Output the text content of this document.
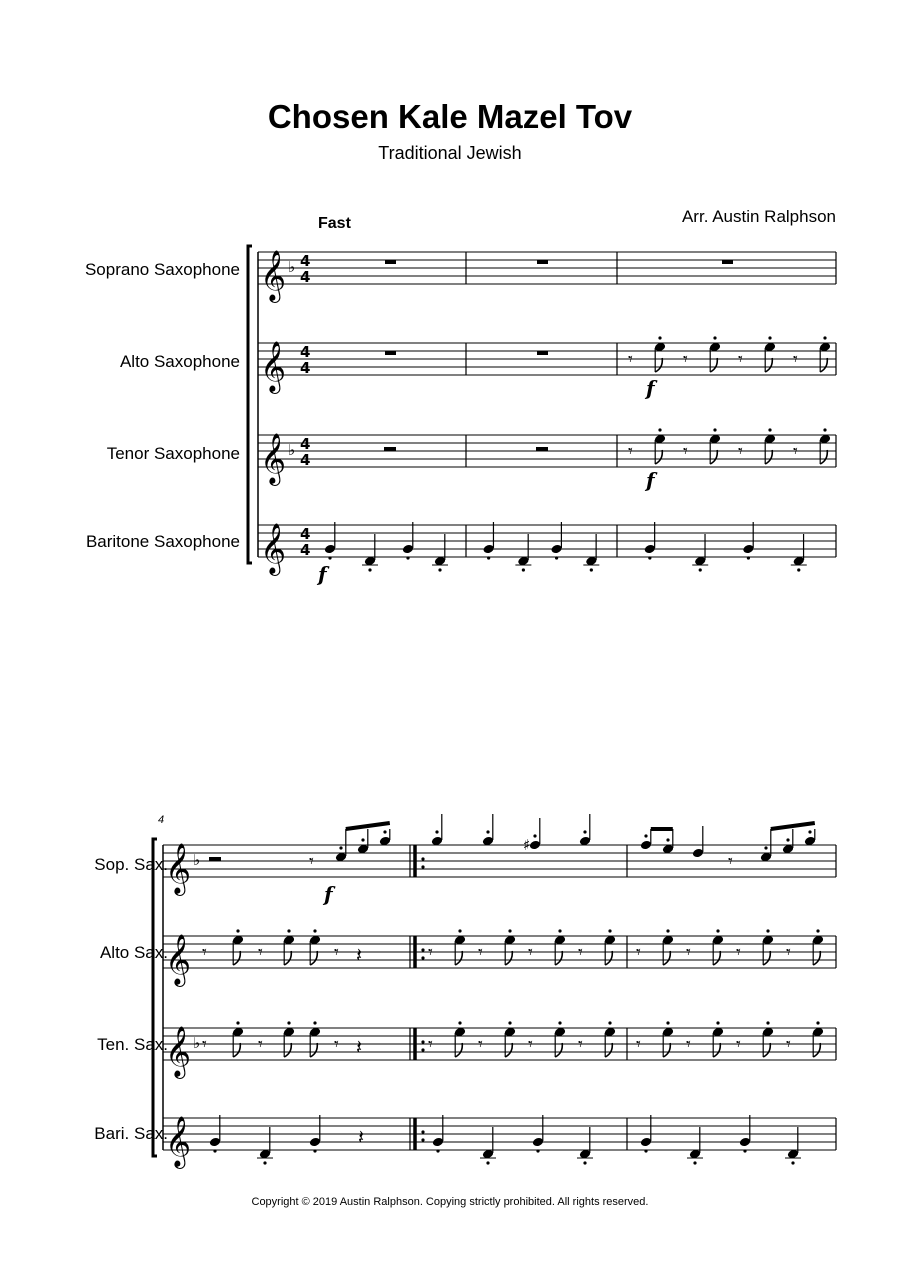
Chosen Kale Mazel Tov
Traditional Jewish
Arr. Austin Ralphson
Fast
Soprano Saxophone
Alto Saxophone
Tenor Saxophone
Baritone Saxophone
Sop. Sax.
Alto Sax.
Ten. Sax.
Bari. Sax.
4
𝄞 ♭ 4
4
𝄞 4
4
𝄞 ♭ 4
4
𝄞 4
4
𝄾	𝄾	𝄾	𝄾
f
𝄾	𝄾	𝄾	𝄾
f
f
𝄞 ♭
𝄞
𝄞 ♭
𝄞
𝄾
f
♯
𝄾
𝄾	𝄾	𝄾 𝄽	𝄾	𝄾	𝄾	𝄾	𝄾	𝄾	𝄾	𝄾
𝄾	𝄾	𝄾 𝄽	𝄾	𝄾	𝄾	𝄾	𝄾	𝄾	𝄾	𝄾
𝄽
Copyright © 2019 Austin Ralphson. Copying strictly prohibited. All rights reserved.
